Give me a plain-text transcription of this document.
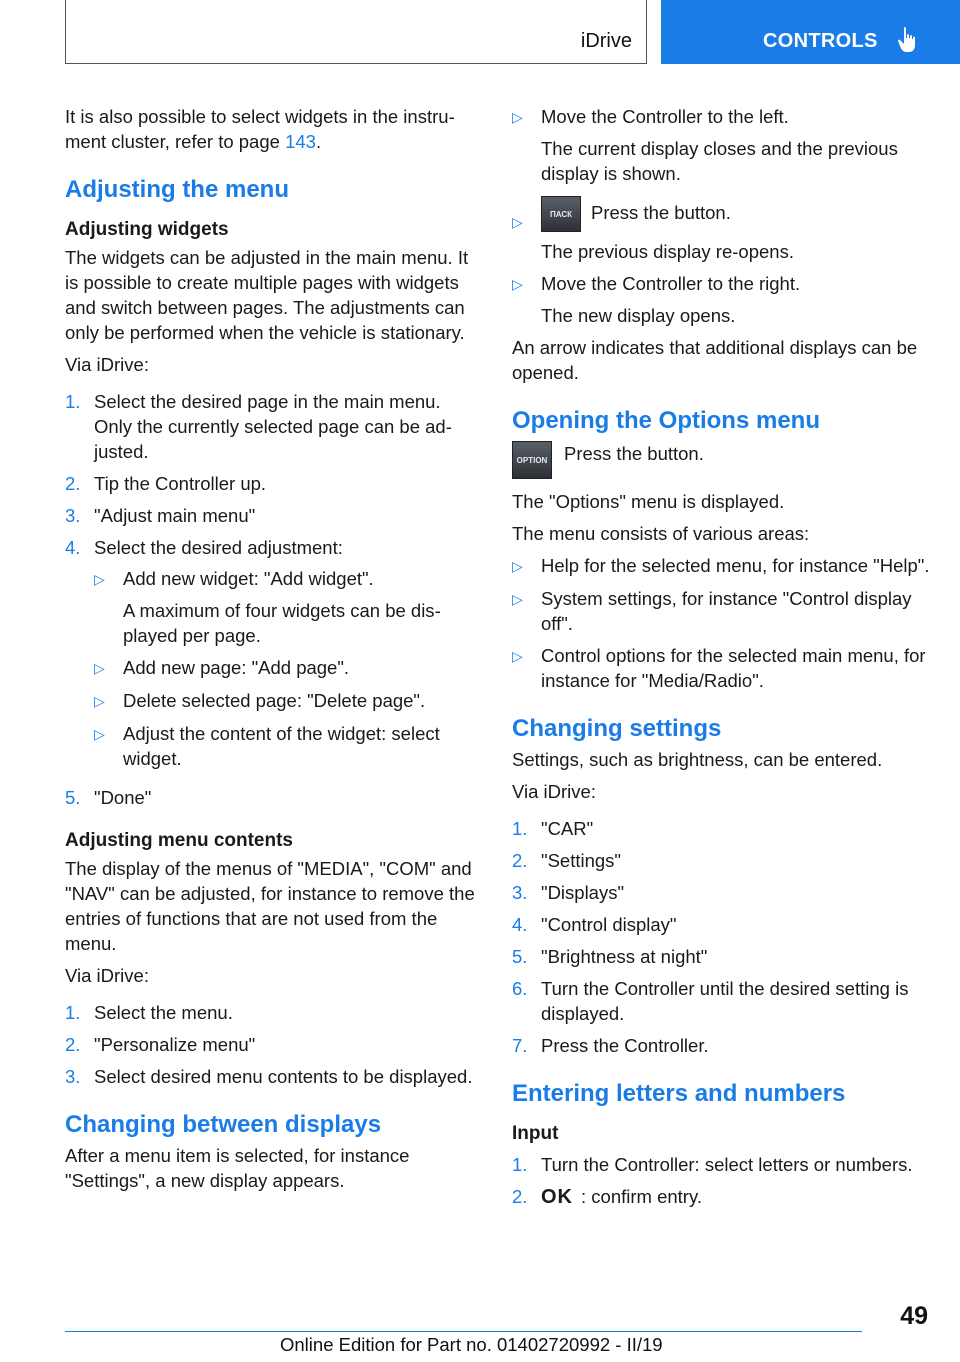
iDrive	CONTROLS

It is also possible to select widgets in the instrument cluster, refer to page 143.

Adjusting the menu
Adjusting widgets

The widgets can be adjusted in the main menu. It is possible to create multiple pages with widgets and switch between pages. The adjustments can only be performed when the vehicle is stationary.

Via iDrive:

1. Select the desired page in the main menu. Only the currently selected page can be adjusted.
2. Tip the Controller up.
3. "Adjust main menu"
4. Select the desired adjustment:
▷ Add new widget: "Add widget".
A maximum of four widgets can be displayed per page.
▷ Add new page: "Add page".
▷ Delete selected page: "Delete page".
▷ Adjust the content of the widget: select widget.
5. "Done"
Adjusting menu contents

The display of the menus of "MEDIA", "COM" and "NAV" can be adjusted, for instance to remove the entries of functions that are not used from the menu.

Via iDrive:

1. Select the menu.
2. "Personalize menu"
3. Select desired menu contents to be displayed.
Changing between displays

After a menu item is selected, for instance "Settings", a new display appears.

▷ Move the Controller to the left.
The current display closes and the previous display is shown.
▷	ПАСК Press the button.
The previous display re-opens.
▷ Move the Controller to the right.
The new display opens.

An arrow indicates that additional displays can be opened.

Opening the Options menu
OPTION Press the button.

The "Options" menu is displayed.

The menu consists of various areas:

▷ Help for the selected menu, for instance "Help".
▷ System settings, for instance "Control display off".
▷ Control options for the selected main menu, for instance for "Media/Radio".
Changing settings

Settings, such as brightness, can be entered.

Via iDrive:

1. "CAR"
2. "Settings"
3. "Displays"
4. "Control display"
5. "Brightness at night"
6. Turn the Controller until the desired setting is displayed.
7. Press the Controller.
Entering letters and numbers
Input
1. Turn the Controller: select letters or numbers.
2. OK : confirm entry.
49
Online Edition for Part no. 01402720992 - II/19
